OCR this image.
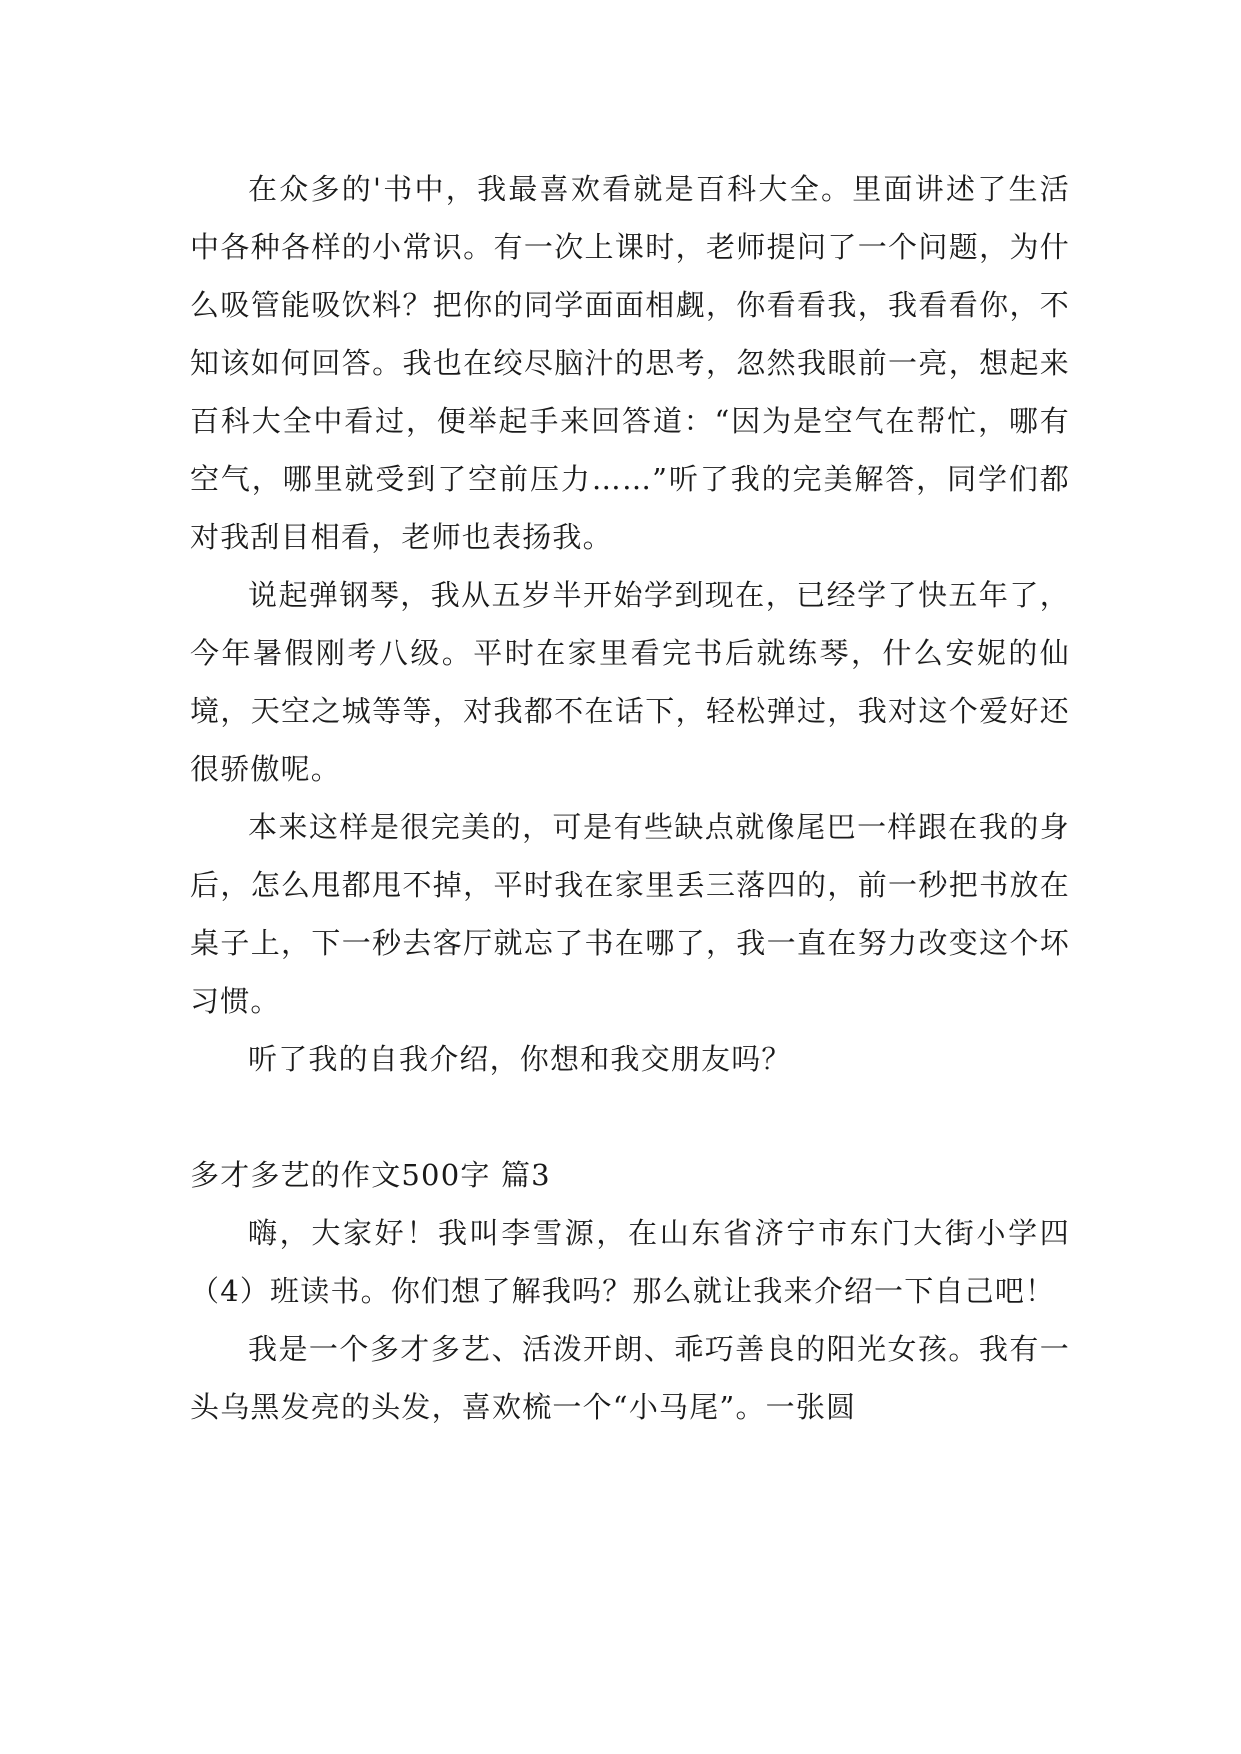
在众多的'书中，我最喜欢看就是百科大全。里面讲述了生活中各种各样的小常识。有一次上课时，老师提问了一个问题，为什么吸管能吸饮料？把你的同学面面相觑，你看看我，我看看你，不知该如何回答。我也在绞尽脑汁的思考，忽然我眼前一亮，想起来百科大全中看过，便举起手来回答道：“因为是空气在帮忙，哪有空气，哪里就受到了空前压力……”听了我的完美解答，同学们都对我刮目相看，老师也表扬我。

说起弹钢琴，我从五岁半开始学到现在，已经学了快五年了，今年暑假刚考八级。平时在家里看完书后就练琴，什么安妮的仙境，天空之城等等，对我都不在话下，轻松弹过，我对这个爱好还很骄傲呢。

本来这样是很完美的，可是有些缺点就像尾巴一样跟在我的身后，怎么甩都甩不掉，平时我在家里丢三落四的，前一秒把书放在桌子上，下一秒去客厅就忘了书在哪了，我一直在努力改变这个坏习惯。

听了我的自我介绍，你想和我交朋友吗？

多才多艺的作文500字 篇3

嗨，大家好！我叫李雪源，在山东省济宁市东门大街小学四（4）班读书。你们想了解我吗？那么就让我来介绍一下自己吧！

我是一个多才多艺、活泼开朗、乖巧善良的阳光女孩。我有一头乌黑发亮的头发，喜欢梳一个“小马尾”。一张圆
